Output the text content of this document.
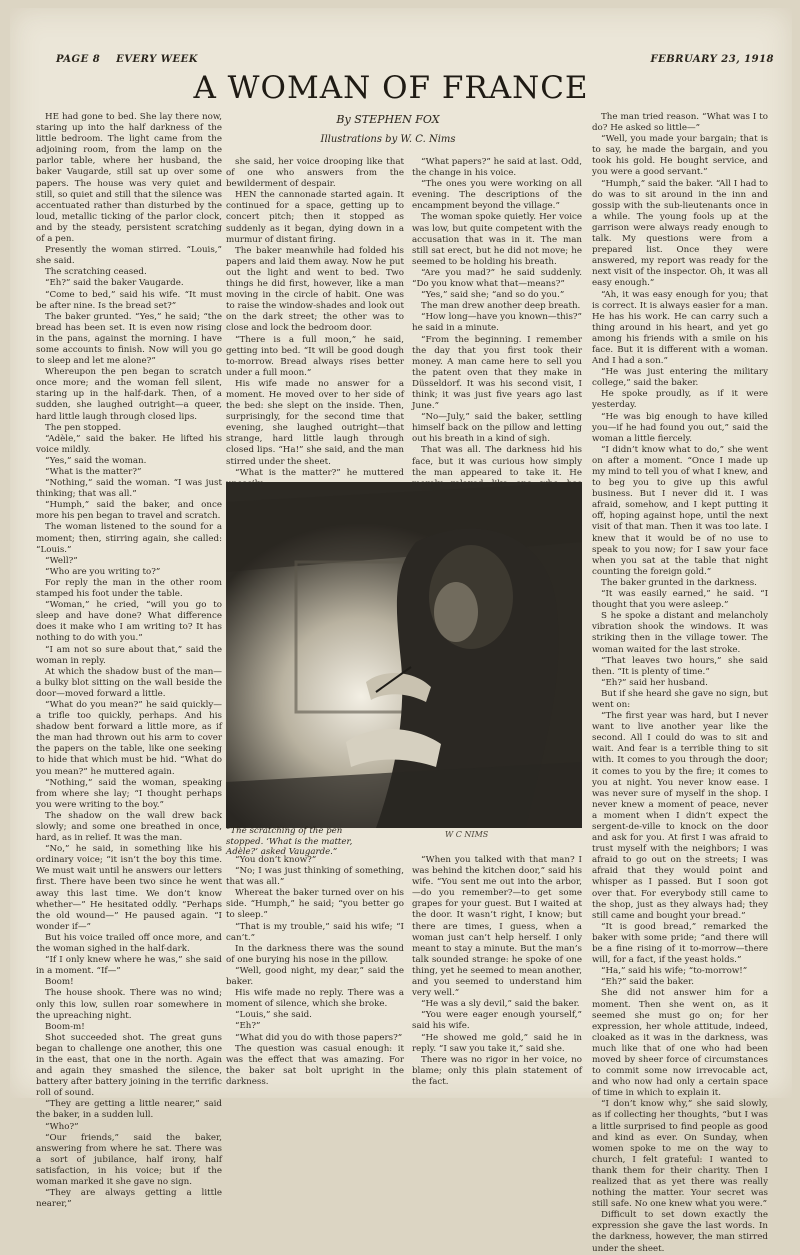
PAGE 8 EVERY WEEK	FEBRUARY 23, 1918
A WOMAN OF FRANCE
By STEPHEN FOX
Illustrations by W. C. Nims

HE had gone to bed. She lay there now, staring up into the half darkness of the little bedroom. The light came from the adjoining room, from the lamp on the parlor table, where her husband, the baker Vaugarde, still sat up over some papers. The house was very quiet and still, so quiet and still that the silence was accentuated rather than disturbed by the loud, metallic ticking of the parlor clock, and by the steady, persistent scratching of a pen.

Presently the woman stirred. “Louis,” she said.

The scratching ceased.

“Eh?” said the baker Vaugarde.

“Come to bed,” said his wife. “It must be after nine. Is the bread set?”

The baker grunted. “Yes,” he said; “the bread has been set. It is even now rising in the pans, against the morning. I have some accounts to finish. Now will you go to sleep and let me alone?”

Whereupon the pen began to scratch once more; and the woman fell silent, staring up in the half-dark. Then, of a sudden, she laughed outright—a queer, hard little laugh through closed lips.

The pen stopped.

“Adèle,” said the baker. He lifted his voice mildly.

“Yes,” said the woman.

“What is the matter?”

“Nothing,” said the woman. “I was just thinking; that was all.”

“Humph,” said the baker, and once more his pen began to travel and scratch.

The woman listened to the sound for a moment; then, stirring again, she called: “Louis.”

“Well?”

“Who are you writing to?”

For reply the man in the other room stamped his foot under the table.

“Woman,” he cried, “will you go to sleep and have done? What difference does it make who I am writing to? It has nothing to do with you.”

“I am not so sure about that,” said the woman in reply.

At which the shadow bust of the man—a bulky blot sitting on the wall beside the door—moved forward a little.

“What do you mean?” he said quickly—a trifle too quickly, perhaps. And his shadow bent forward a little more, as if the man had thrown out his arm to cover the papers on the table, like one seeking to hide that which must be hid. “What do you mean?” he muttered again.

“Nothing,” said the woman, speaking from where she lay; “I thought perhaps you were writing to the boy.”

The shadow on the wall drew back slowly; and some one breathed in once, hard, as in relief. It was the man.

“No,” he said, in something like his ordinary voice; “it isn’t the boy this time. We must wait until he answers our letters first. There have been two since he went away this last time. We don’t know whether—” He hesitated oddly. “Perhaps the old wound—” He paused again. “I wonder if—”

But his voice trailed off once more, and the woman sighed in the half-dark.

“If I only knew where he was,” she said in a moment. “If—”

Boom!

The house shook. There was no wind; only this low, sullen roar somewhere in the upreaching night.

Boom-m!

Shot succeeded shot. The great guns began to challenge one another, this one in the east, that one in the north. Again and again they smashed the silence, battery after battery joining in the terrific roll of sound.

“They are getting a little nearer,” said the baker, in a sudden lull.

“Who?”

“Our friends,” said the baker, answering from where he sat. There was a sort of jubilance, half irony, half satisfaction, in his voice; but if the woman marked it she gave no sign.

“They are always getting a little nearer,”

she said, her voice drooping like that of one who answers from the bewilderment of despair.

HEN the cannonade started again. It continued for a space, getting up to concert pitch; then it stopped as suddenly as it began, dying down in a murmur of distant firing.

The baker meanwhile had folded his papers and laid them away. Now he put out the light and went to bed. Two things he did first, however, like a man moving in the circle of habit. One was to raise the window-shades and look out on the dark street; the other was to close and lock the bedroom door.

“There is a full moon,” he said, getting into bed. “It will be good dough to-morrow. Bread always rises better under a full moon.”

His wife made no answer for a moment. He moved over to her side of the bed: she slept on the inside. Then, surprisingly, for the second time that evening, she laughed outright—that strange, hard little laugh through closed lips. “Ha!” she said, and the man stirred under the sheet.

“What is the matter?” he muttered

“What papers?” he said at last. Odd, the change in his voice.

“The ones you were working on all evening. The descriptions of the encampment beyond the village.”

The woman spoke quietly. Her voice was low, but quite competent with the accusation that was in it. The man still sat erect, but he did not move; he seemed to be holding his breath.

“Are you mad?” he said suddenly. “Do you know what that—means?”

“Yes,” said she; “and so do you.”

The man drew another deep breath.

“How long—have you known—this?” he said in a minute.

“From the beginning. I remember the day that you first took their money. A man came here to sell you the patent oven that they make in Düsseldorf. It was his second visit, I think; it was just five years ago last June.”

“No—July,” said the baker, settling himself back on the pillow and letting out his breath in a kind of sigh.

That was all. The darkness hid his face, but it was curious how simply the man appeared to take it. He

The man tried reason. “What was I to do? He asked so little—”

“Well, you made your bargain; that is to say, he made the bargain, and you took his gold. He bought service, and you were a good servant.”

“Humph,” said the baker. “All I had to do was to sit around in the inn and gossip with the sub-lieutenants once in a while. The young fools up at the garrison were always ready enough to talk. My questions were from a prepared list. Once they were answered, my report was ready for the next visit of the inspector. Oh, it was all easy enough.”

“Ah, it was easy enough for you; that is correct. It is always easier for a man. He has his work. He can carry such a thing around in his heart, and yet go among his friends with a smile on his face. But it is different with a woman. And I had a son.”

“He was just entering the military college,” said the baker.

He spoke proudly, as if it were yesterday.

“He was big enough to have killed you—if he had found you out,” said the woman a little fiercely.

“I didn’t know what to do,” she went on after a moment. “Once I made up my mind to tell you of what I knew, and to beg you to give up this awful business. But I never did it. I was afraid, somehow, and I kept putting it off, hoping against hope, until the next visit of that man. Then it was too late. I knew that it would be of no use to speak to you now; for I saw your face when you sat at the table that night counting the foreign gold.”

The baker grunted in the darkness.

“It was easily earned,” he said. “I thought that you were asleep.”

S he spoke a distant and melancholy vibration shook the windows. It was striking then in the village tower. The woman waited for the last stroke.

“That leaves two hours,” she said then. “It is plenty of time.”

“Eh?” said her husband.

But if she heard she gave no sign, but went on:

“The first year was hard, but I never want to live another year like the second. All I could do was to sit and wait. And fear is a terrible thing to sit with. It comes to you through the door; it comes to you by the fire; it comes to you at night. You never know ease. I was never sure of myself in the shop. I never knew a moment of peace, never a moment when I didn’t expect the sergent-de-ville to knock on the door and ask for you. At first I was afraid to trust myself with the neighbors; I was afraid to go out on the streets; I was afraid that they would point and whisper as I passed. But I soon got over that. For everybody still came to the shop, just as they always had; they still came and bought your bread.”

“It is good bread,” remarked the baker with some pride; “and there will be a fine rising of it to-morrow—there will, for a fact, if the yeast holds.”

“Ha,” said his wife; “to-morrow!”

“Eh?” said the baker.

She did not answer him for a moment. Then she went on, as it seemed she must go on; for her expression, her whole attitude, indeed, cloaked as it was in the darkness, was much like that of one who had been moved by sheer force of circumstances to commit some now irrevocable act, and who now had only a certain space of time in which to explain it.

“I don’t know why,” she said slowly, as if collecting her thoughts, “but I was a little surprised to find people as good and kind as ever. On Sunday, when women spoke to me on the way to church, I felt grateful: I wanted to thank them for their charity. Then I realized that as yet there was really nothing the matter. Your secret was still safe. No one knew what you were.”

Difficult to set down exactly the expression she gave the last words. In the darkness, however, the man stirred under the sheet.

“You don’t know?”

“No; I was just thinking of something, that was all.”

Whereat the baker turned over on his side. “Humph,” he said; “you better go to sleep.”

“That is my trouble,” said his wife; “I can’t.”

In the darkness there was the sound of one burying his nose in the pillow.

“Well, good night, my dear,” said the baker.

His wife made no reply. There was a moment of silence, which she broke.

“Louis,” she said.

“Eh?”

“What did you do with those papers?”

The question was casual enough: it was the effect that was amazing. For the baker sat bolt upright in the darkness.

“When you talked with that man? I was behind the kitchen door,” said his wife. “You sent me out into the arbor,—do you remember?—to get some grapes for your guest. But I waited at the door. It wasn’t right, I know; but there are times, I guess, when a woman just can’t help herself. I only meant to stay a minute. But the man’s talk sounded strange: he spoke of one thing, yet he seemed to mean another, and you seemed to understand him very well.”

“He was a sly devil,” said the baker.

“You were eager enough yourself,” said his wife.

“He showed me gold,” said he in reply. “I saw you take it,” said she.

There was no rigor in her voice, no blame; only this plain statement of the fact.

“The scratching of the pen stopped. ‘What is the matter, Adèle?’ asked Vaugarde.”
W C NIMS
